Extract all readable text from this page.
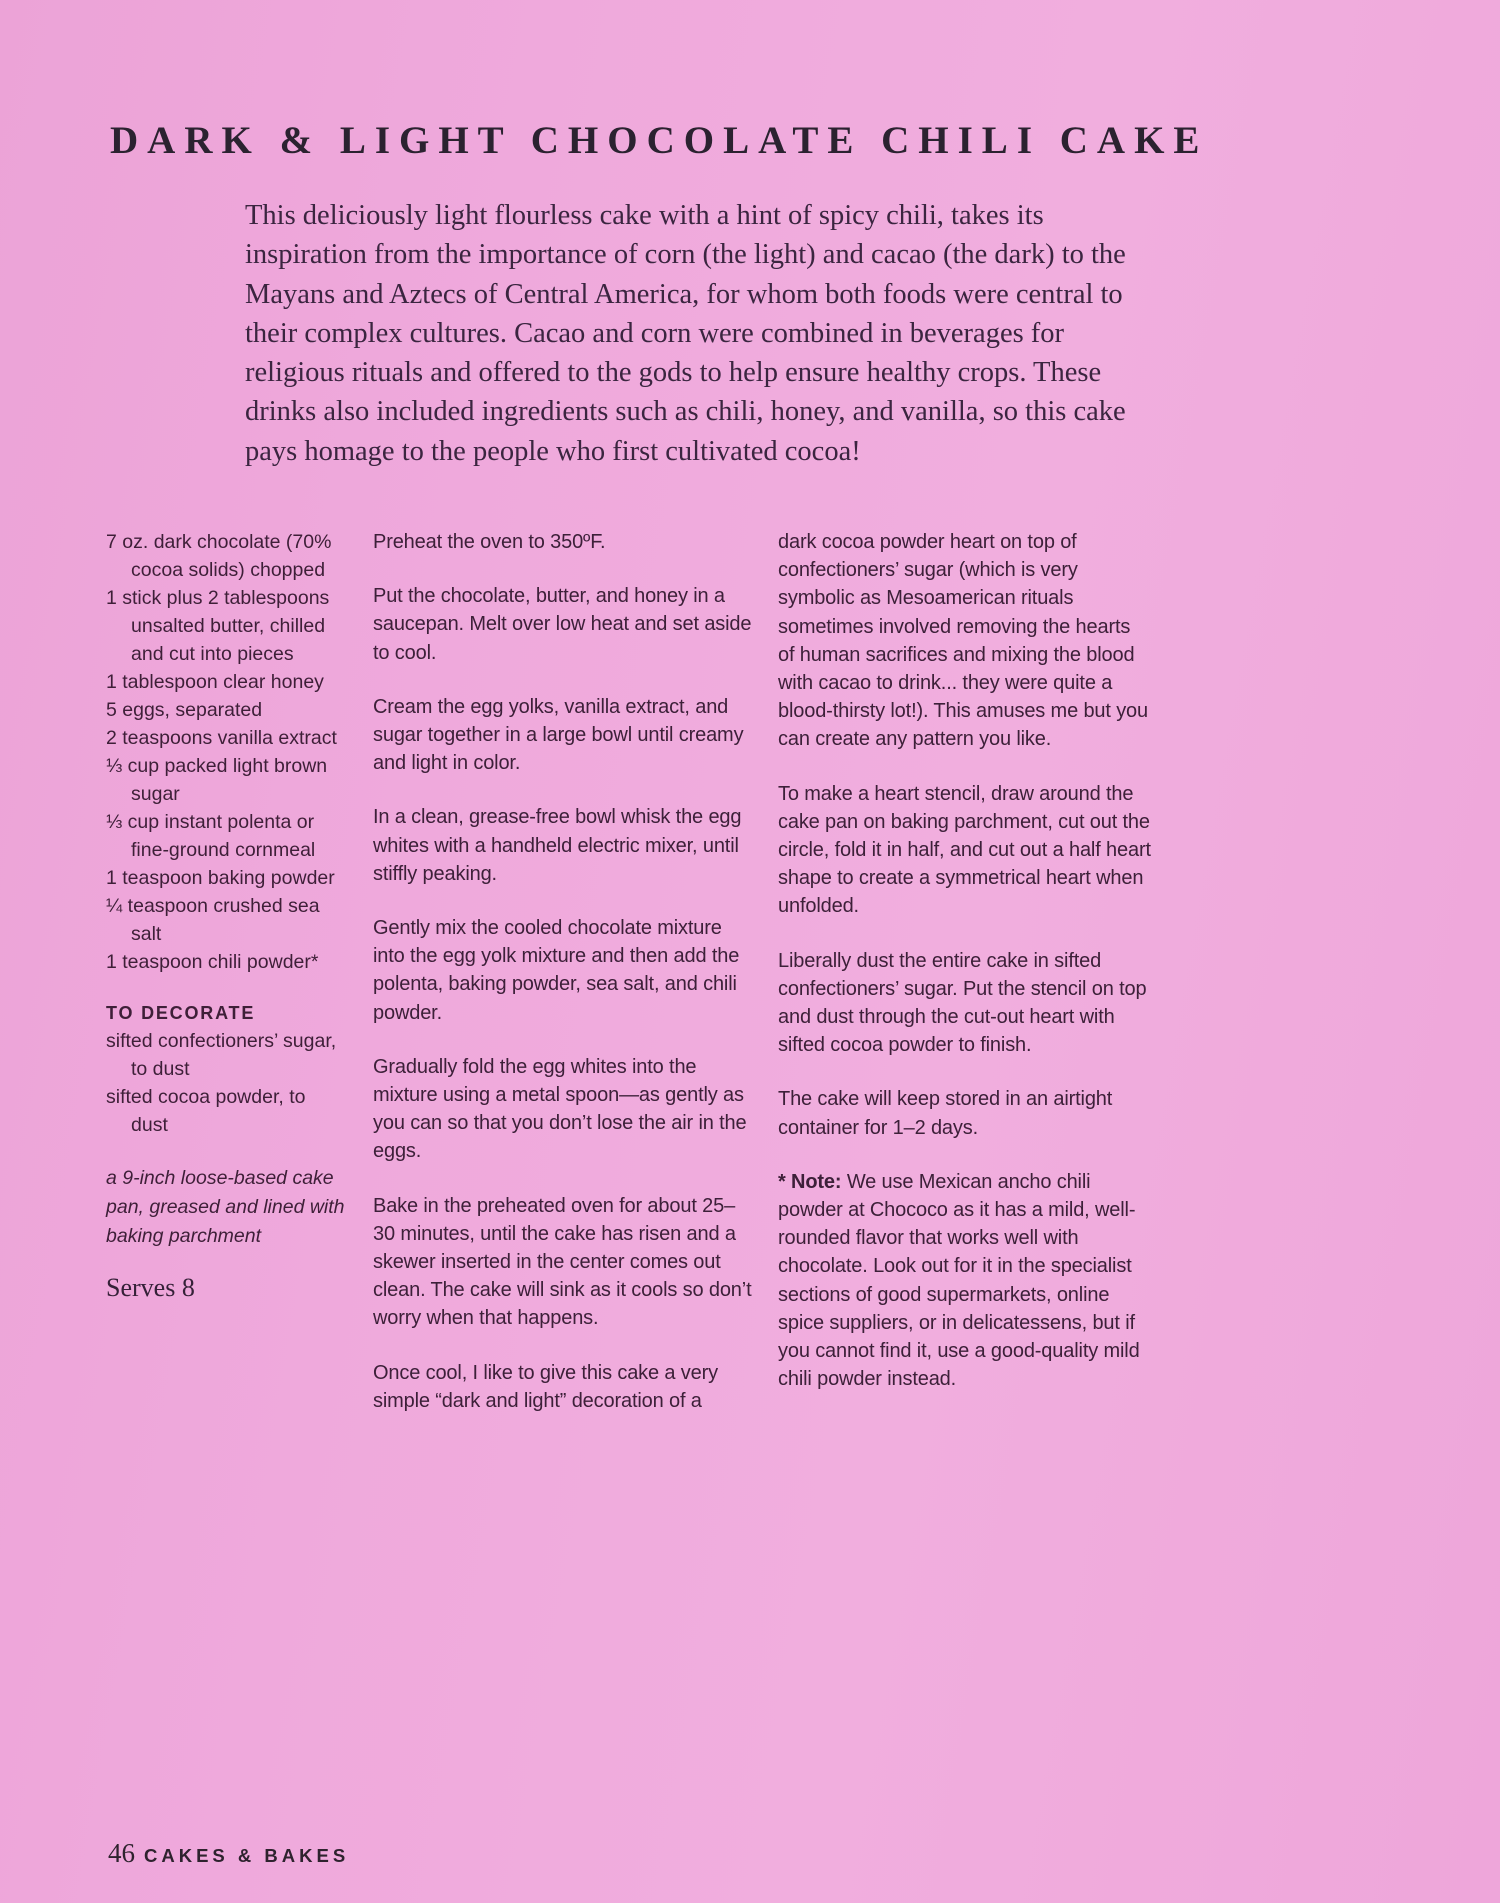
DARK & LIGHT CHOCOLATE CHILI CAKE

This deliciously light flourless cake with a hint of spicy chili, takes its inspiration from the importance of corn (the light) and cacao (the dark) to the Mayans and Aztecs of Central America, for whom both foods were central to their complex cultures. Cacao and corn were combined in beverages for religious rituals and offered to the gods to help ensure healthy crops. These drinks also included ingredients such as chili, honey, and vanilla, so this cake pays homage to the people who first cultivated cocoa!

7 oz. dark chocolate (70% cocoa solids) chopped
1 stick plus 2 tablespoons unsalted butter, chilled and cut into pieces
1 tablespoon clear honey
5 eggs, separated
2 teaspoons vanilla extract
⅓ cup packed light brown sugar
⅓ cup instant polenta or fine-ground cornmeal
1 teaspoon baking powder
¼ teaspoon crushed sea salt
1 teaspoon chili powder*
TO DECORATE
sifted confectioners’ sugar, to dust
sifted cocoa powder, to dust
a 9-inch loose-based cake pan, greased and lined with baking parchment
Serves 8

Preheat the oven to 350ºF.

Put the chocolate, butter, and honey in a saucepan. Melt over low heat and set aside to cool.

Cream the egg yolks, vanilla extract, and sugar together in a large bowl until creamy and light in color.

In a clean, grease-free bowl whisk the egg whites with a handheld electric mixer, until stiffly peaking.

Gently mix the cooled chocolate mixture into the egg yolk mixture and then add the polenta, baking powder, sea salt, and chili powder.

Gradually fold the egg whites into the mixture using a metal spoon—as gently as you can so that you don’t lose the air in the eggs.

Bake in the preheated oven for about 25–30 minutes, until the cake has risen and a skewer inserted in the center comes out clean. The cake will sink as it cools so don’t worry when that happens.

Once cool, I like to give this cake a very simple “dark and light” decoration of a

dark cocoa powder heart on top of confectioners’ sugar (which is very symbolic as Mesoamerican rituals sometimes involved removing the hearts of human sacrifices and mixing the blood with cacao to drink... they were quite a blood-thirsty lot!). This amuses me but you can create any pattern you like.

To make a heart stencil, draw around the cake pan on baking parchment, cut out the circle, fold it in half, and cut out a half heart shape to create a symmetrical heart when unfolded.

Liberally dust the entire cake in sifted confectioners’ sugar. Put the stencil on top and dust through the cut-out heart with sifted cocoa powder to finish.

The cake will keep stored in an airtight container for 1–2 days.

* Note: We use Mexican ancho chili powder at Chococo as it has a mild, well-rounded flavor that works well with chocolate. Look out for it in the specialist sections of good supermarkets, online spice suppliers, or in delicatessens, but if you cannot find it, use a good-quality mild chili powder instead.

46 CAKES & BAKES
